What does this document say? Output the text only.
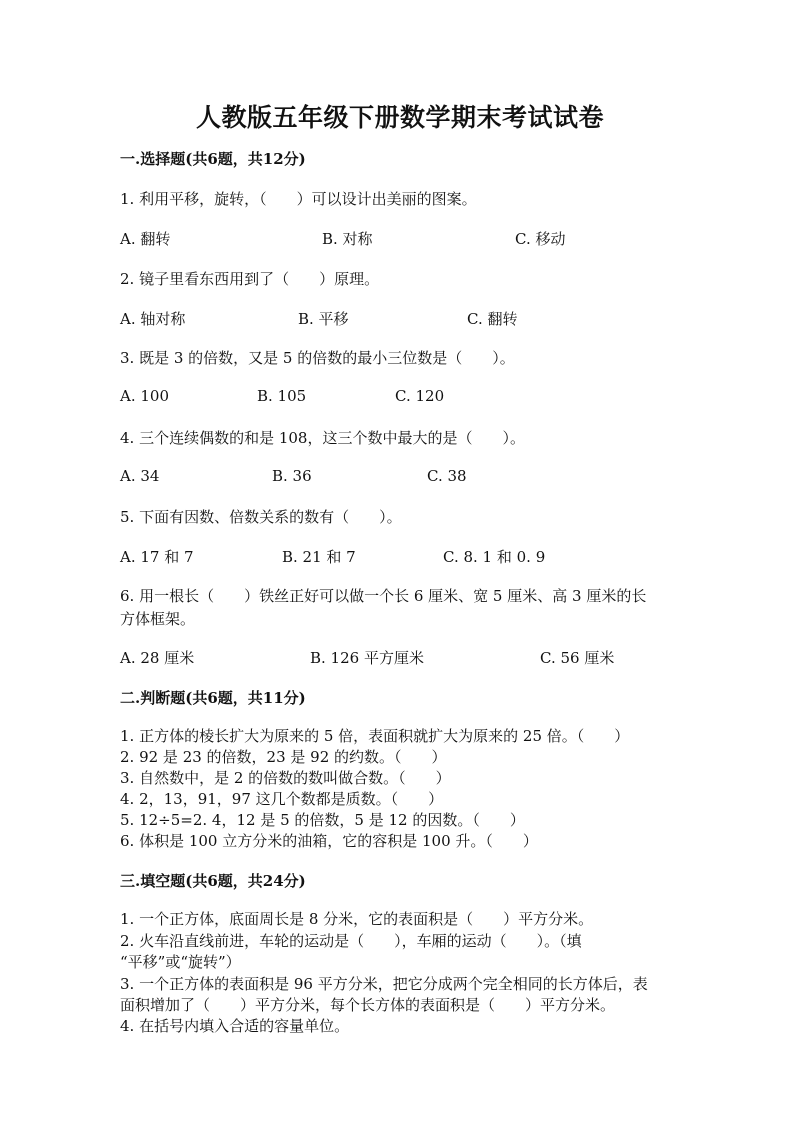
人教版五年级下册数学期末考试试卷
一.选择题(共6题，共12分)
1. 利用平移，旋转，（　　）可以设计出美丽的图案。
A. 翻转	B. 对称	C. 移动
2. 镜子里看东西用到了（　　）原理。
A. 轴对称	B. 平移	C. 翻转
3. 既是 3 的倍数，又是 5 的倍数的最小三位数是（　　）。
A. 100	B. 105	C. 120
4. 三个连续偶数的和是 108，这三个数中最大的是（　　）。
A. 34	B. 36	C. 38
5. 下面有因数、倍数关系的数有（　　）。
A. 17 和 7	B. 21 和 7	C. 8. 1 和 0. 9
6. 用一根长（　　）铁丝正好可以做一个长 6 厘米、宽 5 厘米、高 3 厘米的长
方体框架。
A. 28 厘米	B. 126 平方厘米	C. 56 厘米
二.判断题(共6题，共11分)
1. 正方体的棱长扩大为原来的 5 倍，表面积就扩大为原来的 25 倍。（　　）
2. 92 是 23 的倍数，23 是 92 的约数。（　　）
3. 自然数中，是 2 的倍数的数叫做合数。（　　）
4. 2，13，91，97 这几个数都是质数。（　　）
5. 12÷5=2. 4，12 是 5 的倍数，5 是 12 的因数。（　　）
6. 体积是 100 立方分米的油箱，它的容积是 100 升。（　　）
三.填空题(共6题，共24分)
1. 一个正方体，底面周长是 8 分米，它的表面积是（　　）平方分米。
2. 火车沿直线前进，车轮的运动是（　　），车厢的运动（　　）。（填
“平移”或“旋转”）
3. 一个正方体的表面积是 96 平方分米，把它分成两个完全相同的长方体后，表
面积增加了（　　）平方分米，每个长方体的表面积是（　　）平方分米。
4. 在括号内填入合适的容量单位。
